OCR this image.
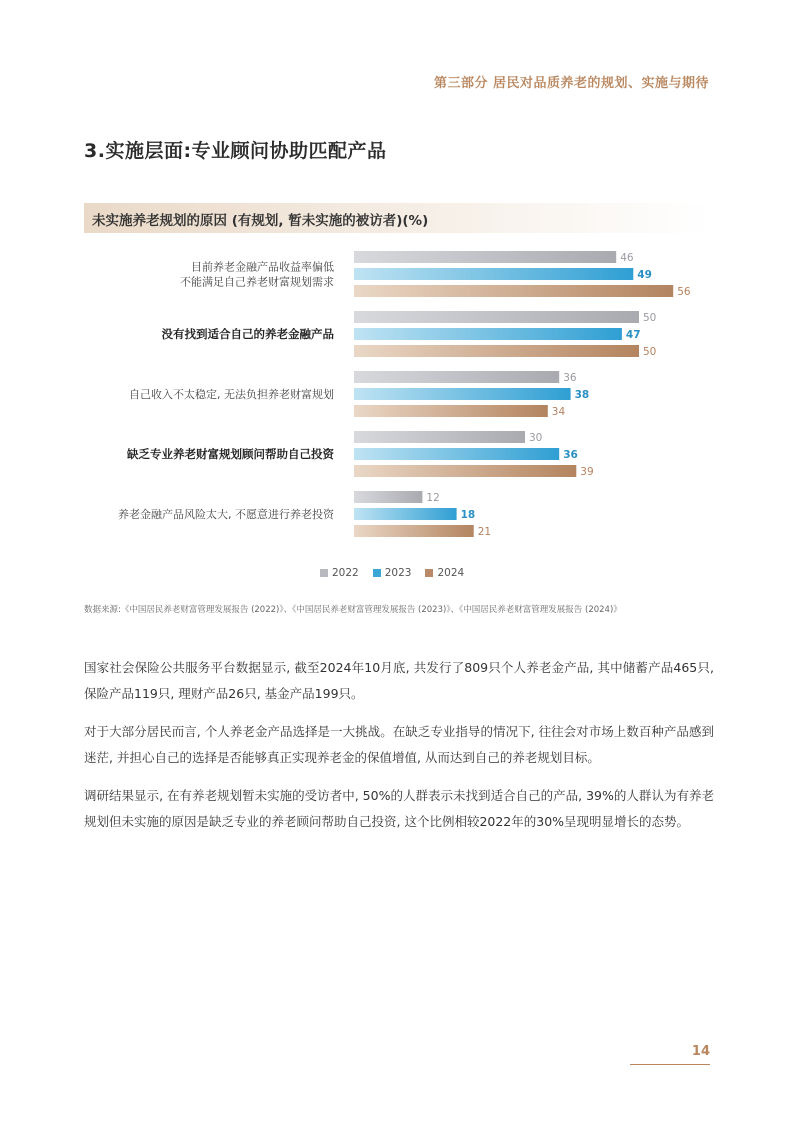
第三部分 居民对品质养老的规划、实施与期待
3.实施层面:专业顾问协助匹配产品
未实施养老规划的原因 (有规划, 暂未实施的被访者)(%)
目前养老金融产品收益率偏低
不能满足自己养老财富规划需求
46
49
56
没有找到适合自己的养老金融产品
50
47
50
自己收入不太稳定, 无法负担养老财富规划
36
38
34
缺乏专业养老财富规划顾问帮助自己投资
30
36
39
养老金融产品风险太大, 不愿意进行养老投资
12
18
21
2022 2023 2024
数据来源:《中国居民养老财富管理发展报告 (2022)》、《中国居民养老财富管理发展报告 (2023)》、《中国居民养老财富管理发展报告 (2024)》

国家社会保险公共服务平台数据显示, 截至2024年10月底, 共发行了809只个人养老金产品, 其中储蓄产品465只, 保险产品119只, 理财产品26只, 基金产品199只。

对于大部分居民而言, 个人养老金产品选择是一大挑战。在缺乏专业指导的情况下, 往往会对市场上数百种产品感到迷茫, 并担心自己的选择是否能够真正实现养老金的保值增值, 从而达到自己的养老规划目标。

调研结果显示, 在有养老规划暂未实施的受访者中, 50%的人群表示未找到适合自己的产品, 39%的人群认为有养老规划但未实施的原因是缺乏专业的养老顾问帮助自己投资, 这个比例相较2022年的30%呈现明显增长的态势。

14
